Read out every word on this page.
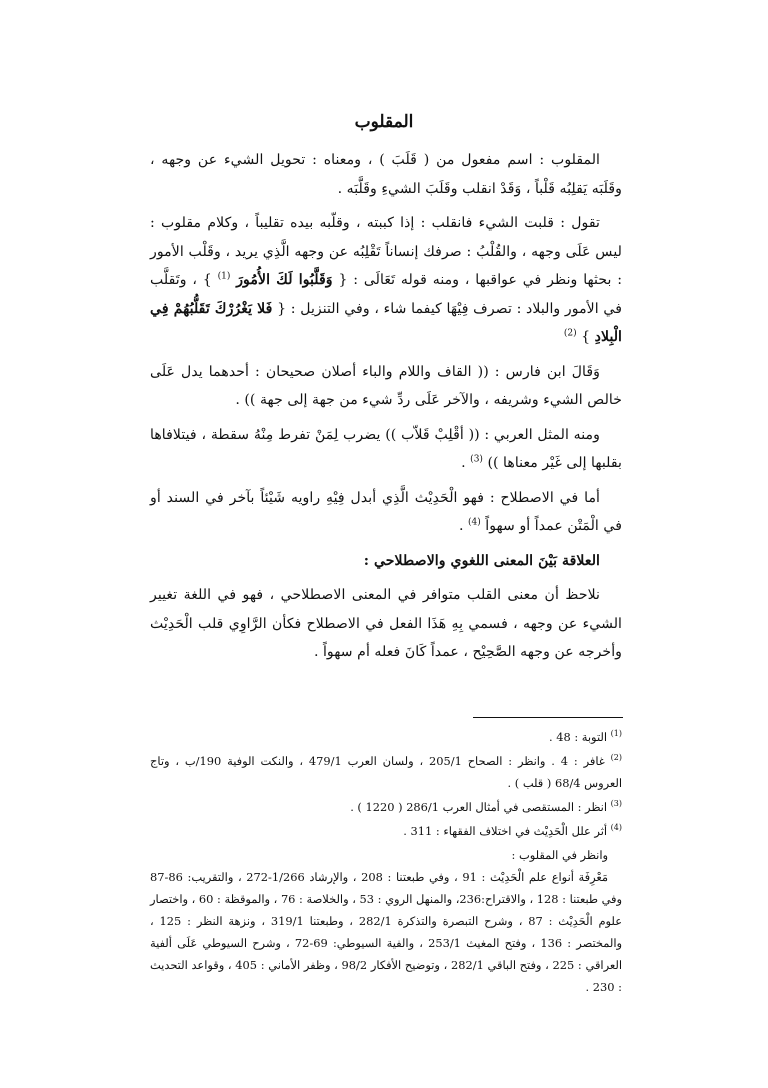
المقلوب

المقلوب : اسم مفعول من ( قَلَبَ ) ، ومعناه : تحويل الشيء عن وجهه ، وقَلَبَه يَقلِبُه قَلْباً ، وَقَدْ انقلب وقَلَبَ الشيءِ وقَلَّبَه .

تقول : قلبت الشيء فانقلب : إذا كببته ، وقلّبه بيده تقليباً ، وكلام مقلوب : ليس عَلَى وجهه ، والقُلْبُ : صرفك إنساناً تَقْلِبُه عن وجهه الَّذِي يريد ، وقَلْب الأمور : بحثها ونظر في عواقبها ، ومنه قوله تَعَالَى : { وَقَلَّبُوا لَكَ الأُمُورَ $^{(1)}$ } ، وتَقلَّب في الأمور والبلاد : تصرف فِيْهَا كيفما شاء ، وفي التنزيل : { فَلا يَغْرُرْكَ تَقَلُّبُهُمْ فِي الْبِلادِ } $^{(2)}$

وَقَالَ ابن فارس : (( القاف واللام والباء أصلان صحيحان : أحدهما يدل عَلَى خالص الشيء وشريفه ، والآخر عَلَى ردِّ شيء من جهة إلى جهة )) .

ومنه المثل العربي : (( أقْلِبْ قَلاّب )) يضرب لِمَنْ تفرط مِنْهُ سقطة ، فيتلافاها بقلبها إلى غَيْر معناها )) $^{(3)}$ .

أما في الاصطلاح : فهو الْحَدِيْث الَّذِي أبدل فِيْهِ راويه شَيْئاً بآخر في السند أو في الْمَتْن عمداً أو سهواً $^{(4)}$ .

العلاقة بَيْنَ المعنى اللغوي والاصطلاحي :

نلاحظ أن معنى القلب متوافر في المعنى الاصطلاحي ، فهو في اللغة تغيير الشيء عن وجهه ، فسمي بِهِ هَذَا الفعل في الاصطلاح فكأن الرَّاوِي قلب الْحَدِيْث وأخرجه عن وجهه الصَّحِيْح ، عمداً كَانَ فعله أم سهواً .

$^{(1)}$ التوبة : 48 .
$^{(2)}$ غافر : 4 . وانظر : الصحاح 205/1 ، ولسان العرب 479/1 ، والنكت الوفية 190/ب ، وتاج العروس 68/4 ( قلب ) .
$^{(3)}$ انظر : المستقصى في أمثال العرب 286/1 ( 1220 ) .
$^{(4)}$ أثر علل الْحَدِيْث في اختلاف الفقهاء : 311 .

وانظر في المقلوب :

مَعْرِفَة أنواع علم الْحَدِيْث : 91 ، وفي طبعتنا : 208 ، والإرشاد 1/266-272 ، والتقريب: 86-87 وفي طبعتنا : 128 ، والاقتراح:236، والمنهل الروي : 53 ، والخلاصة : 76 ، والموقظة : 60 ، واختصار علوم الْحَدِيْث : 87 ، وشرح التبصرة والتذكرة 282/1 ، وطبعتنا 319/1 ، ونزهة النظر : 125 ، والمختصر : 136 ، وفتح المغيث 253/1 ، والفية السيوطي: 69-72 ، وشرح السيوطي عَلَى ألفية العراقي : 225 ، وفتح الباقي 282/1 ، وتوضيح الأفكار 98/2 ، وظفر الأماني : 405 ، وقواعد التحديث : 230 .
